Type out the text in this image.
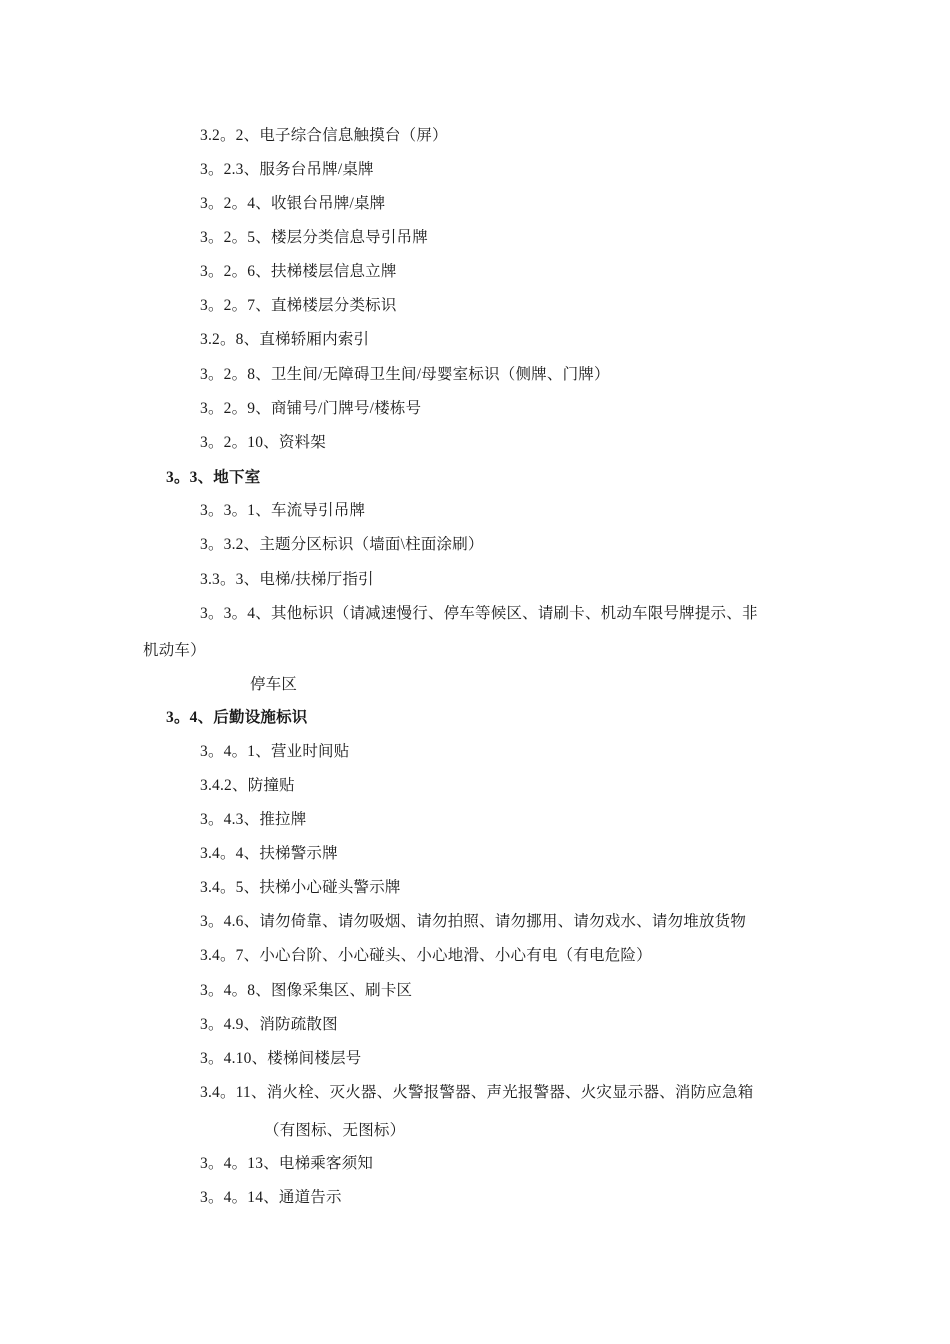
3.2。2、电子综合信息触摸台（屏）
3。2.3、服务台吊牌/桌牌
3。2。4、收银台吊牌/桌牌
3。2。5、楼层分类信息导引吊牌
3。2。6、扶梯楼层信息立牌
3。2。7、直梯楼层分类标识
3.2。8、直梯轿厢内索引
3。2。8、卫生间/无障碍卫生间/母婴室标识（侧牌、门牌）
3。2。9、商铺号/门牌号/楼栋号
3。2。10、资料架
3。3、地下室
3。3。1、车流导引吊牌
3。3.2、主题分区标识（墙面\柱面涂刷）
3.3。3、电梯/扶梯厅指引
3。3。4、其他标识（请减速慢行、停车等候区、请刷卡、机动车限号牌提示、非
机动车）
停车区
3。4、后勤设施标识
3。4。1、营业时间贴
3.4.2、防撞贴
3。4.3、推拉牌
3.4。4、扶梯警示牌
3.4。5、扶梯小心碰头警示牌
3。4.6、请勿倚靠、请勿吸烟、请勿拍照、请勿挪用、请勿戏水、请勿堆放货物
3.4。7、小心台阶、小心碰头、小心地滑、小心有电（有电危险）
3。4。8、图像采集区、刷卡区
3。4.9、消防疏散图
3。4.10、楼梯间楼层号
3.4。11、消火栓、灭火器、火警报警器、声光报警器、火灾显示器、消防应急箱
（有图标、无图标）
3。4。13、电梯乘客须知
3。4。14、通道告示
